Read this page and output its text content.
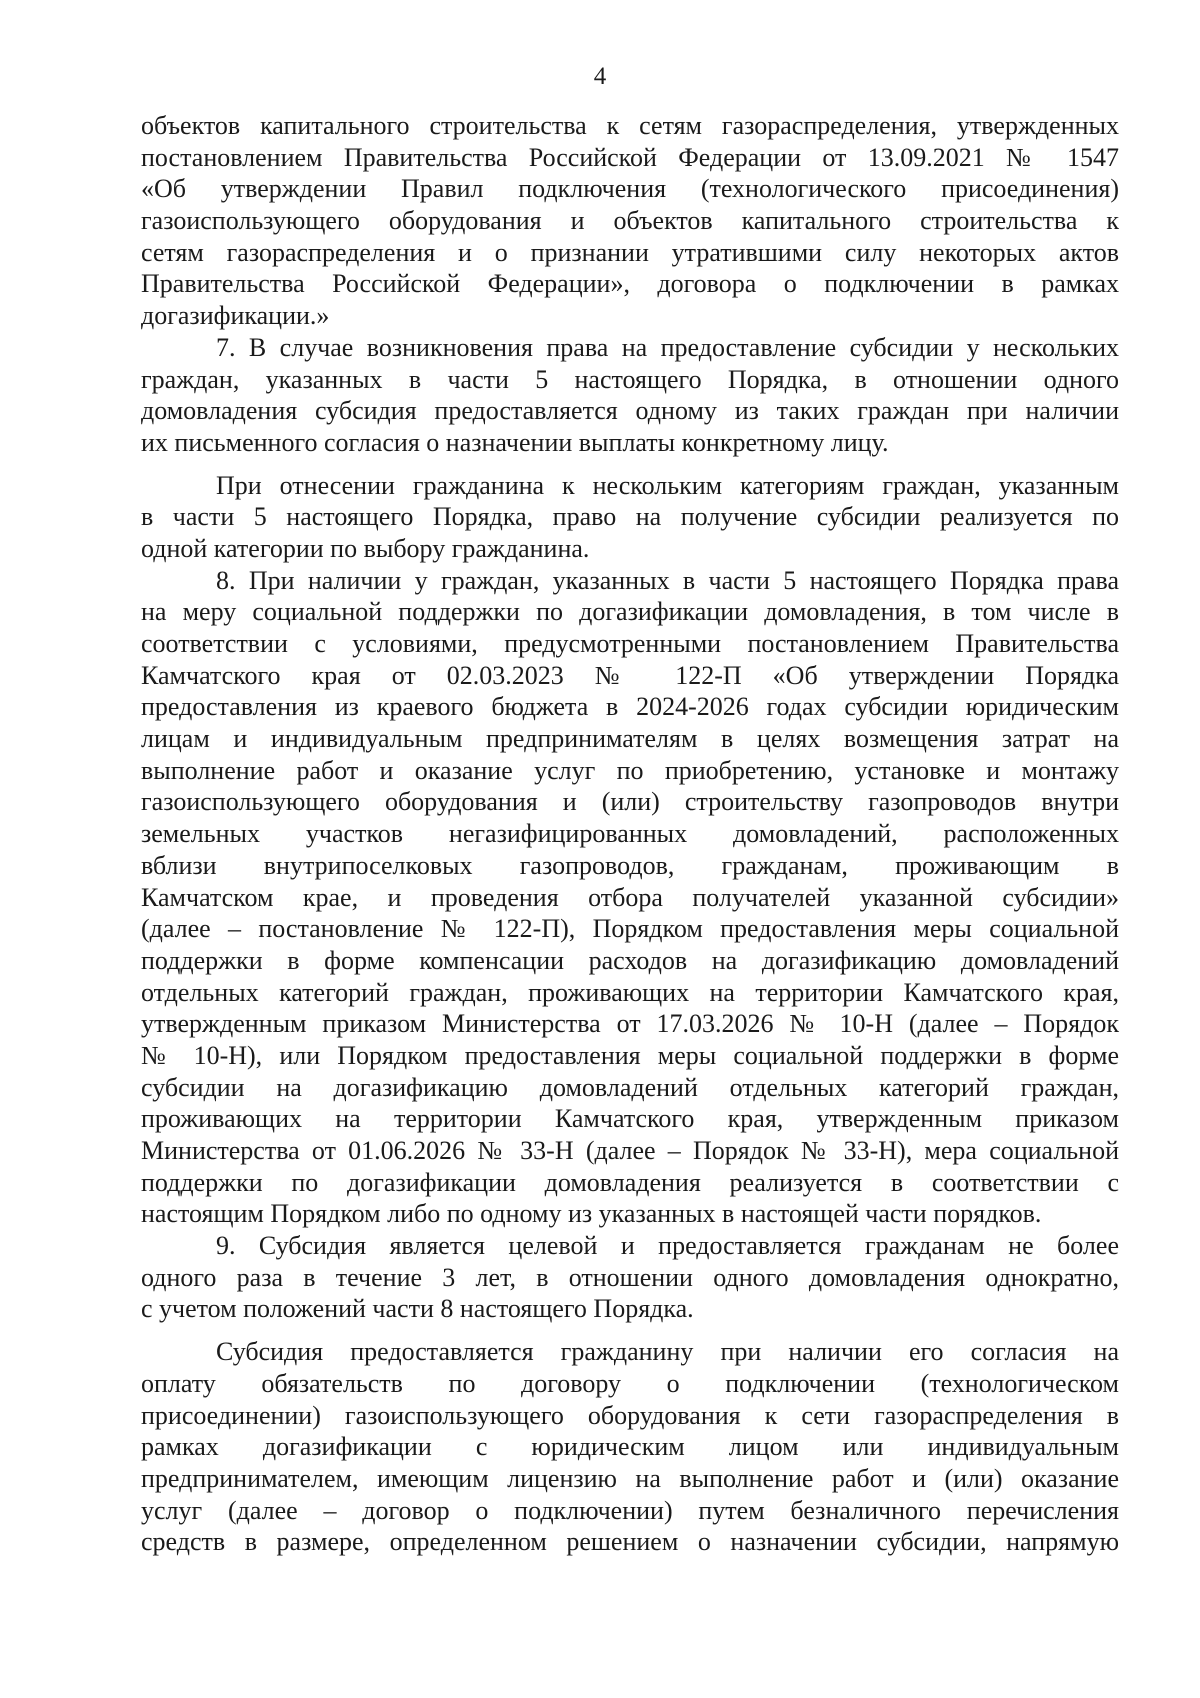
4
объектов капитального строительства к сетям газораспределения, утвержденных
постановлением Правительства Российской Федерации от 13.09.2021 № 1547
«Об утверждении Правил подключения (технологического присоединения)
газоиспользующего оборудования и объектов капитального строительства к
сетям газораспределения и о признании утратившими силу некоторых актов
Правительства Российской Федерации», договора о подключении в рамках
догазификации.»
7. В случае возникновения права на предоставление субсидии у нескольких
граждан, указанных в части 5 настоящего Порядка, в отношении одного
домовладения субсидия предоставляется одному из таких граждан при наличии
их письменного согласия о назначении выплаты конкретному лицу.
При отнесении гражданина к нескольким категориям граждан, указанным
в части 5 настоящего Порядка, право на получение субсидии реализуется по
одной категории по выбору гражданина.
8. При наличии у граждан, указанных в части 5 настоящего Порядка права
на меру социальной поддержки по догазификации домовладения, в том числе в
соответствии с условиями, предусмотренными постановлением Правительства
Камчатского края от 02.03.2023 № 122-П «Об утверждении Порядка
предоставления из краевого бюджета в 2024-2026 годах субсидии юридическим
лицам и индивидуальным предпринимателям в целях возмещения затрат на
выполнение работ и оказание услуг по приобретению, установке и монтажу
газоиспользующего оборудования и (или) строительству газопроводов внутри
земельных участков негазифицированных домовладений, расположенных
вблизи внутрипоселковых газопроводов, гражданам, проживающим в
Камчатском крае, и проведения отбора получателей указанной субсидии»
(далее – постановление № 122-П), Порядком предоставления меры социальной
поддержки в форме компенсации расходов на догазификацию домовладений
отдельных категорий граждан, проживающих на территории Камчатского края,
утвержденным приказом Министерства от 17.03.2026 № 10-Н (далее – Порядок
№ 10-Н), или Порядком предоставления меры социальной поддержки в форме
субсидии на догазификацию домовладений отдельных категорий граждан,
проживающих на территории Камчатского края, утвержденным приказом
Министерства от 01.06.2026 № 33-Н (далее – Порядок № 33-Н), мера социальной
поддержки по догазификации домовладения реализуется в соответствии с
настоящим Порядком либо по одному из указанных в настоящей части порядков.
9. Субсидия является целевой и предоставляется гражданам не более
одного раза в течение 3 лет, в отношении одного домовладения однократно,
с учетом положений части 8 настоящего Порядка.
Субсидия предоставляется гражданину при наличии его согласия на
оплату обязательств по договору о подключении (технологическом
присоединении) газоиспользующего оборудования к сети газораспределения в
рамках догазификации с юридическим лицом или индивидуальным
предпринимателем, имеющим лицензию на выполнение работ и (или) оказание
услуг (далее – договор о подключении) путем безналичного перечисления
средств в размере, определенном решением о назначении субсидии, напрямую
